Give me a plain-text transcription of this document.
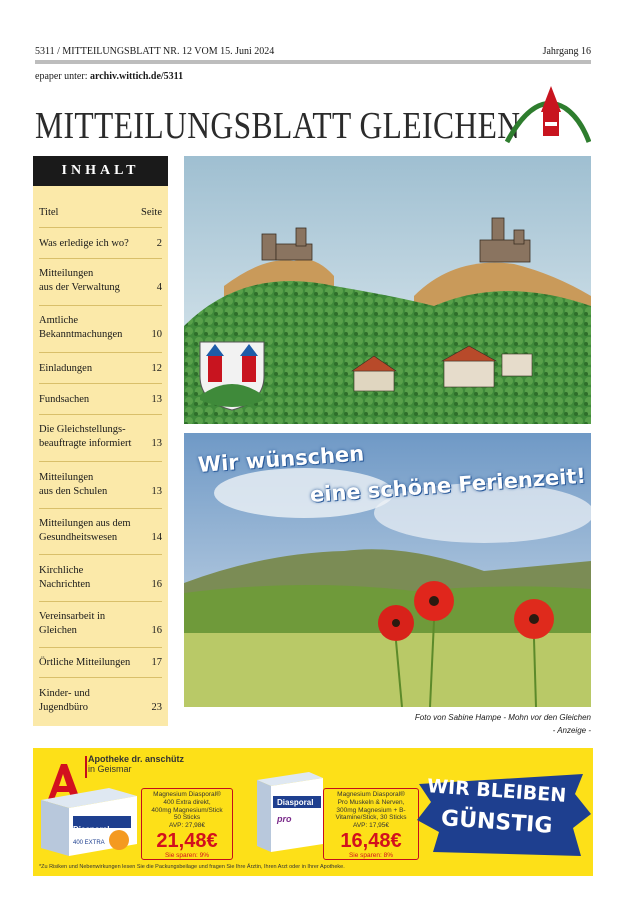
5311 / MITTEILUNGSBLATT NR. 12 VOM 15. Juni 2024	Jahrgang 16
epaper unter: archiv.wittich.de/5311
MITTEILUNGSBLATT GLEICHEN
INHALT
Titel	Seite
Was erledige ich wo?	2
Mitteilungen
aus der Verwaltung	4
Amtliche
Bekanntmachungen	10
Einladungen	12
Fundsachen	13
Die Gleichstellungs-
beauftragte informiert	13
Mitteilungen
aus den Schulen	13
Mitteilungen aus dem
Gesundheitswesen	14
Kirchliche
Nachrichten	16
Vereinsarbeit in
Gleichen	16
Örtliche Mitteilungen	17
Kinder- und
Jugendbüro	23
Wir wünschen
eine schöne Ferienzeit!
Foto von Sabine Hampe - Mohn vor den Gleichen
- Anzeige -
Apotheke dr. anschütz
in Geismar
Diasporal
400 EXTRA
Magnesium Diasporal®
400 Extra direkt,
400mg Magnesium/Stick
50 Sticks
AVP: 27,98€
21,48€
Sie sparen: 9%
Diasporal
pro
Magnesium Diasporal®
Pro Muskeln & Nerven,
300mg Magnesium + B-
Vitamine/Stick, 30 Sticks
AVP: 17,95€
16,48€
Sie sparen: 8%
WIR BLEIBEN
GÜNSTIG
*Zu Risiken und Nebenwirkungen lesen Sie die Packungsbeilage und fragen Sie Ihre Ärztin, Ihren Arzt oder in Ihrer Apotheke.
